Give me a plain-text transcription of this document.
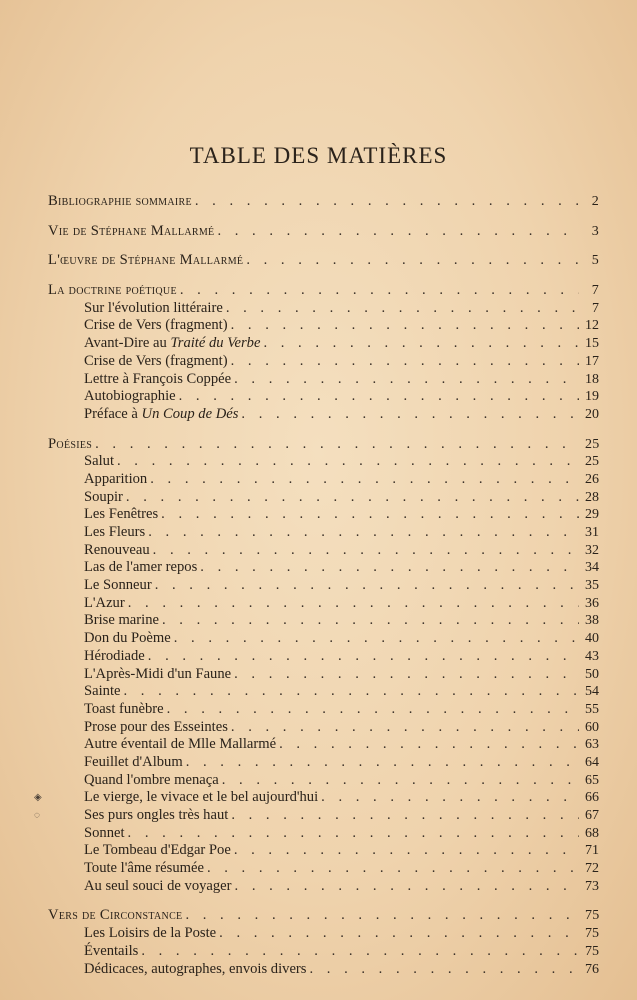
TABLE DES MATIÈRES
Bibliographie sommaire . . .	2
Vie de Stéphane Mallarmé . . .	3
L'œuvre de Stéphane Mallarmé . . .	5
La doctrine poétique . . .	7
Sur l'évolution littéraire . . .	7
Crise de Vers (fragment) . . .	12
Avant-Dire au Traité du Verbe . . .	15
Crise de Vers (fragment) . . .	17
Lettre à François Coppée . . .	18
Autobiographie . . .	19
Préface à Un Coup de Dés . . .	20
Poésies . . .	25
Salut . . .	25
Apparition . . .	26
Soupir . . .	28
Les Fenêtres . . .	29
Les Fleurs . . .	31
Renouveau . . .	32
Las de l'amer repos . . .	34
Le Sonneur . . .	35
L'Azur . . .	36
Brise marine . . .	38
Don du Poème . . .	40
Hérodiade . . .	43
L'Après-Midi d'un Faune . . .	50
Sainte . . .	54
Toast funèbre . . .	55
Prose pour des Esseintes . . .	60
Autre éventail de Mlle Mallarmé . . .	63
Feuillet d'Album . . .	64
Quand l'ombre menaça . . .	65
◈	Le vierge, le vivace et le bel aujourd'hui . . .	66
◌	Ses purs ongles très haut . . .	67
Sonnet . . .	68
Le Tombeau d'Edgar Poe . . .	71
Toute l'âme résumée . . .	72
Au seul souci de voyager . . .	73
Vers de Circonstance . . .	75
Les Loisirs de la Poste . . .	75
Éventails . . .	75
Dédicaces, autographes, envois divers . . .	76
